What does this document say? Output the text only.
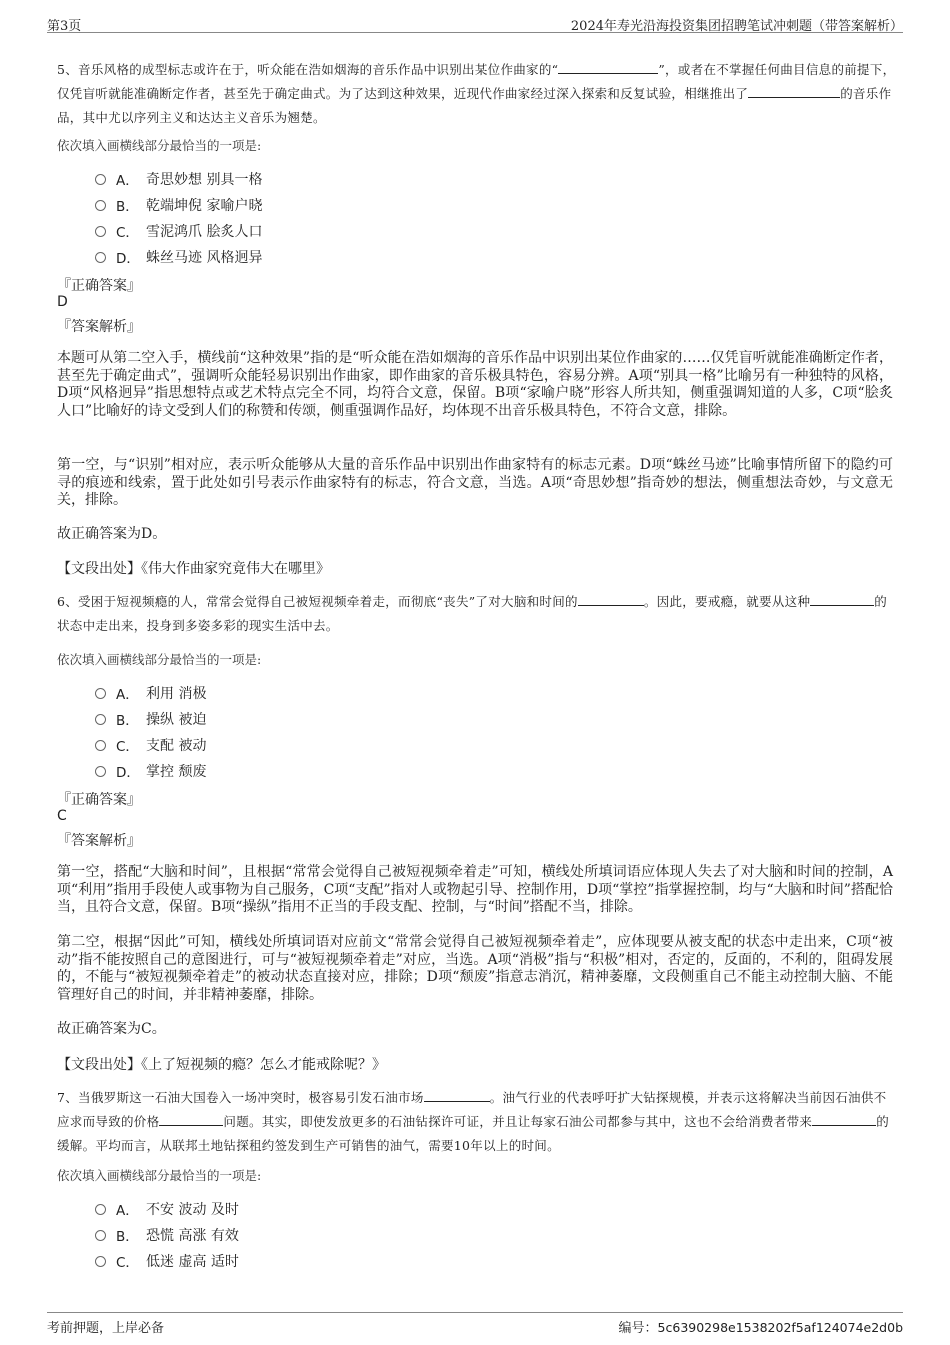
第3页	2024年寿光沿海投资集团招聘笔试冲刺题（带答案解析）

5、音乐风格的成型标志或许在于，听众能在浩如烟海的音乐作品中识别出某位作曲家的“	”，或者在不掌握任何曲目信息的前提下，仅凭盲听就能准确断定作者，甚至先于确定曲式。为了达到这种效果，近现代作曲家经过深入探索和反复试验，相继推出了	的音乐作品，其中尤以序列主义和达达主义音乐为翘楚。

依次填入画横线部分最恰当的一项是:

A． 奇思妙想 别具一格
B． 乾端坤倪 家喻户晓
C． 雪泥鸿爪 脍炙人口
D． 蛛丝马迹 风格迥异

『正确答案』

D

『答案解析』

本题可从第二空入手，横线前“这种效果”指的是“听众能在浩如烟海的音乐作品中识别出某位作曲家的……仅凭盲听就能准确断定作者，甚至先于确定曲式”，强调听众能轻易识别出作曲家，即作曲家的音乐极具特色，容易分辨。A项“别具一格”比喻另有一种独特的风格，D项“风格迥异”指思想特点或艺术特点完全不同，均符合文意，保留。B项“家喻户晓”形容人所共知，侧重强调知道的人多，C项“脍炙人口”比喻好的诗文受到人们的称赞和传颂，侧重强调作品好，均体现不出音乐极具特色，不符合文意，排除。

第一空，与“识别”相对应，表示听众能够从大量的音乐作品中识别出作曲家特有的标志元素。D项“蛛丝马迹”比喻事情所留下的隐约可寻的痕迹和线索，置于此处如引号表示作曲家特有的标志，符合文意，当选。A项“奇思妙想”指奇妙的想法，侧重想法奇妙，与文意无关，排除。

故正确答案为D。

【文段出处】《伟大作曲家究竟伟大在哪里》

6、受困于短视频瘾的人，常常会觉得自己被短视频牵着走，而彻底“丧失”了对大脑和时间的	。因此，要戒瘾，就要从这种	的状态中走出来，投身到多姿多彩的现实生活中去。

依次填入画横线部分最恰当的一项是:

A． 利用 消极
B． 操纵 被迫
C． 支配 被动
D． 掌控 颓废

『正确答案』

C

『答案解析』

第一空，搭配“大脑和时间”，且根据“常常会觉得自己被短视频牵着走”可知，横线处所填词语应体现人失去了对大脑和时间的控制，A项“利用”指用手段使人或事物为自己服务，C项“支配”指对人或物起引导、控制作用，D项“掌控”指掌握控制，均与“大脑和时间”搭配恰当，且符合文意，保留。B项“操纵”指用不正当的手段支配、控制，与“时间”搭配不当，排除。

第二空，根据“因此”可知，横线处所填词语对应前文“常常会觉得自己被短视频牵着走”，应体现要从被支配的状态中走出来，C项“被动”指不能按照自己的意图进行，可与“被短视频牵着走”对应，当选。A项“消极”指与“积极”相对，否定的，反面的，不利的，阻碍发展的，不能与“被短视频牵着走”的被动状态直接对应，排除；D项“颓废”指意志消沉，精神萎靡，文段侧重自己不能主动控制大脑、不能管理好自己的时间，并非精神萎靡，排除。

故正确答案为C。

【文段出处】《上了短视频的瘾？怎么才能戒除呢？》

7、当俄罗斯这一石油大国卷入一场冲突时，极容易引发石油市场	。油气行业的代表呼吁扩大钻探规模，并表示这将解决当前因石油供不应求而导致的价格	问题。其实，即使发放更多的石油钻探许可证，并且让每家石油公司都参与其中，这也不会给消费者带来	的缓解。平均而言，从联邦土地钻探租约签发到生产可销售的油气，需要10年以上的时间。

依次填入画横线部分最恰当的一项是:

A． 不安 波动 及时
B． 恐慌 高涨 有效
C． 低迷 虚高 适时
考前押题，上岸必备	编号：5c6390298e1538202f5af124074e2d0b
